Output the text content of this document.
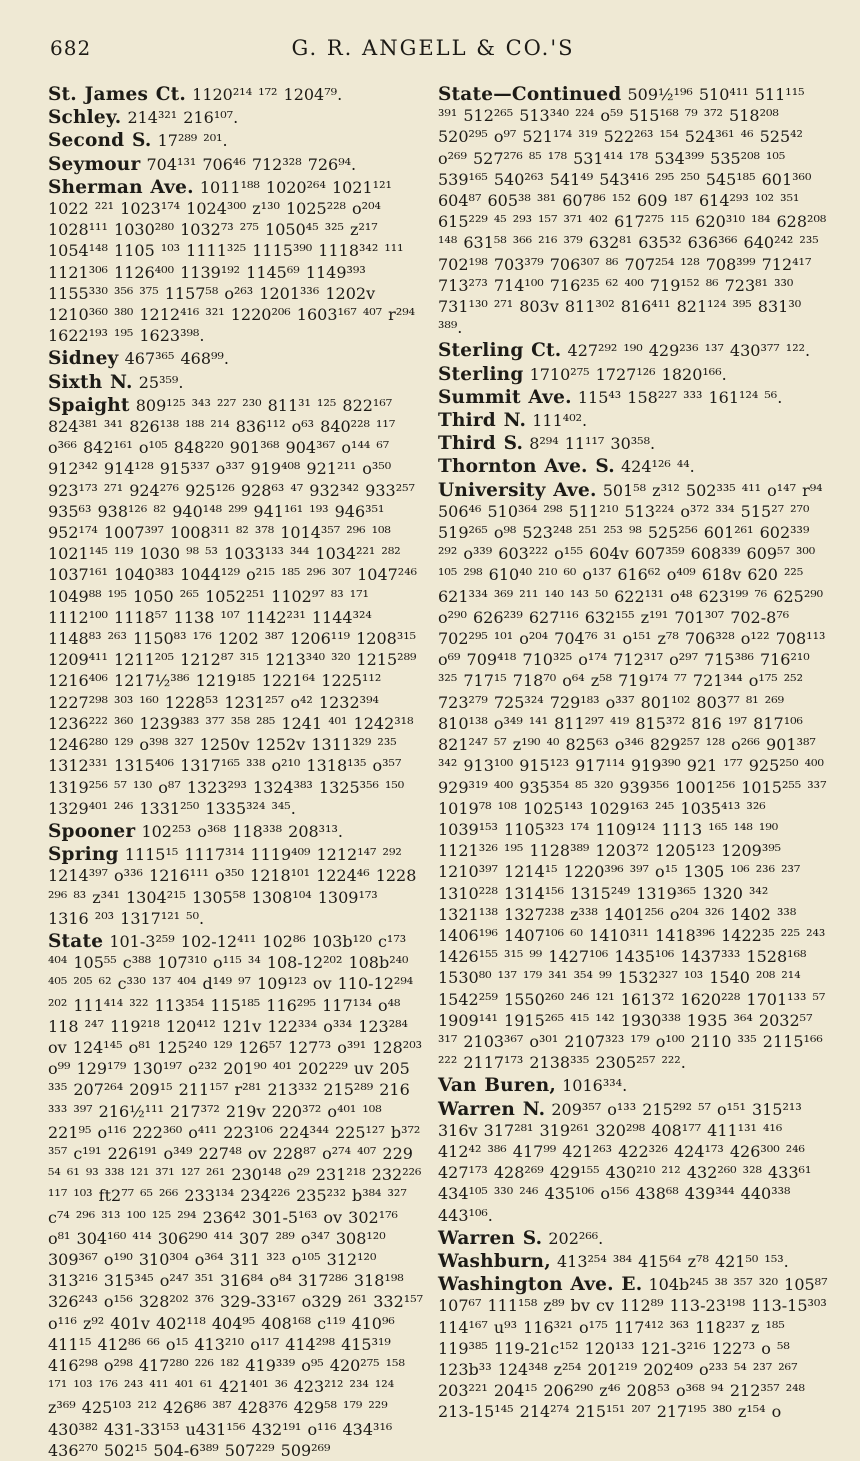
682	G. R. ANGELL & CO.'S
St. James Ct. 1120²¹⁴ ¹⁷² 1204⁷⁹.
Schley. 214³²¹ 216¹⁰⁷.
Second S. 17²⁸⁹ ²⁰¹.
Seymour 704¹³¹ 706⁴⁶ 712³²⁸ 726⁹⁴.
Sherman Ave. 1011¹⁸⁸ 1020²⁶⁴ 1021¹²¹ 1022 ²²¹ 1023¹⁷⁴ 1024³⁰⁰ z¹³⁰ 1025²²⁸ o²⁰⁴ 1028¹¹¹ 1030²⁸⁰ 1032⁷³ ²⁷⁵ 1050⁴⁵ ³²⁵ z²¹⁷ 1054¹⁴⁸ 1105 ¹⁰³ 1111³²⁵ 1115³⁹⁰ 1118³⁴² ¹¹¹ 1121³⁰⁶ 1126⁴⁰⁰ 1139¹⁹² 1145⁶⁹ 1149³⁹³ 1155³³⁰ ³⁵⁶ ³⁷⁵ 1157⁵⁸ o²⁶³ 1201³³⁶ 1202v 1210³⁶⁰ ³⁸⁰ 1212⁴¹⁶ ³²¹ 1220²⁰⁶ 1603¹⁶⁷ ⁴⁰⁷ r²⁹⁴ 1622¹⁹³ ¹⁹⁵ 1623³⁹⁸.
Sidney 467³⁶⁵ 468⁹⁹.
Sixth N. 25³⁵⁹.
Spaight 809¹²⁵ ³⁴³ ²²⁷ ²³⁰ 811³¹ ¹²⁵ 822¹⁶⁷ 824³⁸¹ ³⁴¹ 826¹³⁸ ¹⁸⁸ ²¹⁴ 836¹¹² o⁶³ 840²²⁸ ¹¹⁷ o³⁶⁶ 842¹⁶¹ o¹⁰⁵ 848²²⁰ 901³⁶⁸ 904³⁶⁷ o¹⁴⁴ ⁶⁷ 912³⁴² 914¹²⁸ 915³³⁷ o³³⁷ 919⁴⁰⁸ 921²¹¹ o³⁵⁰ 923¹⁷³ ²⁷¹ 924²⁷⁶ 925¹²⁶ 928⁶³ ⁴⁷ 932³⁴² 933²⁵⁷ 935⁶³ 938¹²⁶ ⁸² 940¹⁴⁸ ²⁹⁹ 941¹⁶¹ ¹⁹³ 946³⁵¹ 952¹⁷⁴ 1007³⁹⁷ 1008³¹¹ ⁸² ³⁷⁸ 1014³⁵⁷ ²⁹⁶ ¹⁰⁸ 1021¹⁴⁵ ¹¹⁹ 1030 ⁹⁸ ⁵³ 1033¹³³ ³⁴⁴ 1034²²¹ ²⁸² 1037¹⁶¹ 1040³⁸³ 1044¹²⁹ o²¹⁵ ¹⁸⁵ ²⁹⁶ ³⁰⁷ 1047²⁴⁶ 1049⁸⁸ ¹⁹⁵ 1050 ²⁶⁵ 1052²⁵¹ 1102⁹⁷ ⁸³ ¹⁷¹ 1112¹⁰⁰ 1118⁵⁷ 1138 ¹⁰⁷ 1142²³¹ 1144³²⁴ 1148⁸³ ²⁶³ 1150⁸³ ¹⁷⁶ 1202 ³⁸⁷ 1206¹¹⁹ 1208³¹⁵ 1209⁴¹¹ 1211²⁰⁵ 1212⁸⁷ ³¹⁵ 1213³⁴⁰ ³²⁰ 1215²⁸⁹ 1216⁴⁰⁶ 1217½³⁸⁶ 1219¹⁸⁵ 1221⁶⁴ 1225¹¹² 1227²⁹⁸ ³⁰³ ¹⁶⁰ 1228⁵³ 1231²⁵⁷ o⁴² 1232³⁹⁴ 1236²²² ³⁶⁰ 1239³⁸³ ³⁷⁷ ³⁵⁸ ²⁸⁵ 1241 ⁴⁰¹ 1242³¹⁸ 1246²⁸⁰ ¹²⁹ o³⁹⁸ ³²⁷ 1250v 1252v 1311³²⁹ ²³⁵ 1312³³¹ 1315⁴⁰⁶ 1317¹⁶⁵ ³³⁸ o²¹⁰ 1318¹³⁵ o³⁵⁷ 1319²⁵⁶ ⁵⁷ ¹³⁰ o⁸⁷ 1323²⁹³ 1324³⁸³ 1325³⁵⁶ ¹⁵⁰ 1329⁴⁰¹ ²⁴⁶ 1331²⁵⁰ 1335³²⁴ ³⁴⁵.
Spooner 102²⁵³ o³⁶⁸ 118³³⁸ 208³¹³.
Spring 1115¹⁵ 1117³¹⁴ 1119⁴⁰⁹ 1212¹⁴⁷ ²⁹² 1214³⁹⁷ o³³⁶ 1216¹¹¹ o³⁵⁰ 1218¹⁰¹ 1224⁴⁶ 1228 ²⁹⁶ ⁸³ z³⁴¹ 1304²¹⁵ 1305⁵⁸ 1308¹⁰⁴ 1309¹⁷³ 1316 ²⁰³ 1317¹²¹ ⁵⁰.
State 101-3²⁵⁹ 102-12⁴¹¹ 102⁸⁶ 103b¹²⁰ c¹⁷³ ⁴⁰⁴ 105⁵⁵ c³⁸⁸ 107³¹⁰ o¹¹⁵ ³⁴ 108-12²⁰² 108b²⁴⁰ ⁴⁰⁵ ²⁰⁵ ⁶² c³³⁰ ¹³⁷ ⁴⁰⁴ d¹⁴⁹ ⁹⁷ 109¹²³ ov 110-12²⁹⁴ ²⁰² 111⁴¹⁴ ³²² 113³⁵⁴ 115¹⁸⁵ 116²⁹⁵ 117¹³⁴ o⁴⁸ 118 ²⁴⁷ 119²¹⁸ 120⁴¹² 121v 122³³⁴ o³³⁴ 123²⁸⁴ ov 124¹⁴⁵ o⁸¹ 125²⁴⁰ ¹²⁹ 126⁵⁷ 127⁷³ o³⁹¹ 128²⁰³ o⁹⁹ 129¹⁷⁹ 130¹⁹⁷ o²³² 201⁹⁰ ⁴⁰¹ 202²²⁹ uv 205 ³³⁵ 207²⁶⁴ 209¹⁵ 211¹⁵⁷ r²⁸¹ 213³³² 215²⁸⁹ 216 ³³³ ³⁹⁷ 216½¹¹¹ 217³⁷² 219v 220³⁷² o⁴⁰¹ ¹⁰⁸ 221⁹⁵ o¹¹⁶ 222³⁶⁰ o⁴¹¹ 223¹⁰⁶ 224³⁴⁴ 225¹²⁷ b³⁷² ³⁵⁷ c¹⁹¹ 226¹⁹¹ o³⁴⁹ 227⁴⁸ ov 228⁸⁷ o²⁷⁴ ⁴⁰⁷ 229 ⁵⁴ ⁶¹ ⁹³ ³³⁸ ¹²¹ ³⁷¹ ¹²⁷ ²⁶¹ 230¹⁴⁸ o²⁹ 231²¹⁸ 232²²⁶ ¹¹⁷ ¹⁰³ ft2⁷⁷ ⁶⁵ ²⁶⁶ 233¹³⁴ 234²²⁶ 235²³² b³⁸⁴ ³²⁷ c⁷⁴ ²⁹⁶ ³¹³ ¹⁰⁰ ¹²⁵ ²⁹⁴ 236⁴² 301-5¹⁶³ ov 302¹⁷⁶ o⁸¹ 304¹⁶⁰ ⁴¹⁴ 306²⁹⁰ ⁴¹⁴ 307 ²⁸⁹ o³⁴⁷ 308¹²⁰ 309³⁶⁷ o¹⁹⁰ 310³⁰⁴ o³⁶⁴ 311 ³²³ o¹⁰⁵ 312¹²⁰ 313²¹⁶ 315³⁴⁵ o²⁴⁷ ³⁵¹ 316⁸⁴ o⁸⁴ 317²⁸⁶ 318¹⁹⁸ 326²⁴³ o¹⁵⁶ 328²⁰² ³⁷⁶ 329-33¹⁶⁷ o329 ²⁶¹ 332¹⁵⁷ o¹¹⁶ z⁹² 401v 402¹¹⁸ 404⁹⁵ 408¹⁶⁸ c¹¹⁹ 410⁹⁶ 411¹⁵ 412⁸⁶ ⁶⁶ o¹⁵ 413²¹⁰ o¹¹⁷ 414²⁹⁸ 415³¹⁹ 416²⁹⁸ o²⁹⁸ 417²⁸⁰ ²²⁶ ¹⁸² 419³³⁹ o⁹⁵ 420²⁷⁵ ¹⁵⁸ ¹⁷¹ ¹⁰³ ¹⁷⁶ ²⁴³ ⁴¹¹ ⁴⁰¹ ⁶¹ 421⁴⁰¹ ³⁶ 423²¹² ²³⁴ ¹²⁴ z³⁶⁹ 425¹⁰³ ²¹² 426⁸⁶ ³⁸⁷ 428³⁷⁶ 429⁵⁸ ¹⁷⁹ ²²⁹ 430³⁸² 431-33¹⁵³ u431¹⁵⁶ 432¹⁹¹ o¹¹⁶ 434³¹⁶ 436²⁷⁰ 502¹⁵ 504-6³⁸⁹ 507²²⁹ 509²⁶⁹
State—Continued 509½¹⁹⁶ 510⁴¹¹ 511¹¹⁵ ³⁹¹ 512²⁶⁵ 513³⁴⁰ ²²⁴ o⁵⁹ 515¹⁶⁸ ⁷⁹ ³⁷² 518²⁰⁸ 520²⁹⁵ o⁹⁷ 521¹⁷⁴ ³¹⁹ 522²⁶³ ¹⁵⁴ 524³⁶¹ ⁴⁶ 525⁴² o²⁶⁹ 527²⁷⁶ ⁸⁵ ¹⁷⁸ 531⁴¹⁴ ¹⁷⁸ 534³⁹⁹ 535²⁰⁸ ¹⁰⁵ 539¹⁶⁵ 540²⁶³ 541⁴⁹ 543⁴¹⁶ ²⁹⁵ ²⁵⁰ 545¹⁸⁵ 601³⁶⁰ 604⁸⁷ 605³⁸ ³⁸¹ 607⁸⁶ ¹⁵² 609 ¹⁸⁷ 614²⁹³ ¹⁰² ³⁵¹ 615²²⁹ ⁴⁵ ²⁹³ ¹⁵⁷ ³⁷¹ ⁴⁰² 617²⁷⁵ ¹¹⁵ 620³¹⁰ ¹⁸⁴ 628²⁰⁸ ¹⁴⁸ 631⁵⁸ ³⁶⁶ ²¹⁶ ³⁷⁹ 632⁸¹ 635³² 636³⁶⁶ 640²⁴² ²³⁵ 702¹⁹⁸ 703³⁷⁹ 706³⁰⁷ ⁸⁶ 707²⁵⁴ ¹²⁸ 708³⁹⁹ 712⁴¹⁷ 713²⁷³ 714¹⁰⁰ 716²³⁵ ⁶² ⁴⁰⁰ 719¹⁵² ⁸⁶ 723⁸¹ ³³⁰ 731¹³⁰ ²⁷¹ 803v 811³⁰² 816⁴¹¹ 821¹²⁴ ³⁹⁵ 831³⁰ ³⁸⁹.
Sterling Ct. 427²⁹² ¹⁹⁰ 429²³⁶ ¹³⁷ 430³⁷⁷ ¹²².
Sterling 1710²⁷⁵ 1727¹²⁶ 1820¹⁶⁶.
Summit Ave. 115⁴³ 158²²⁷ ³³³ 161¹²⁴ ⁵⁶.
Third N. 111⁴⁰².
Third S. 8²⁹⁴ 11¹¹⁷ 30³⁵⁸.
Thornton Ave. S. 424¹²⁶ ⁴⁴.
University Ave. 501⁵⁸ z³¹² 502³³⁵ ⁴¹¹ o¹⁴⁷ r⁹⁴ 506⁴⁶ 510³⁶⁴ ²⁹⁸ 511²¹⁰ 513²²⁴ o³⁷² ³³⁴ 515²⁷ ²⁷⁰ 519²⁶⁵ o⁹⁸ 523²⁴⁸ ²⁵¹ ²⁵³ ⁹⁸ 525²⁵⁶ 601²⁶¹ 602³³⁹ ²⁹² o³³⁹ 603²²² o¹⁵⁵ 604v 607³⁵⁹ 608³³⁹ 609⁵⁷ ³⁰⁰ ¹⁰⁵ ²⁹⁸ 610⁴⁰ ²¹⁰ ⁶⁰ o¹³⁷ 616⁶² o⁴⁰⁹ 618v 620 ²²⁵ 621³³⁴ ³⁶⁹ ²¹¹ ¹⁴⁰ ¹⁴³ ⁵⁰ 622¹³¹ o⁴⁸ 623¹⁹⁹ ⁷⁶ 625²⁹⁰ o²⁹⁰ 626²³⁹ 627¹¹⁶ 632¹⁵⁵ z¹⁹¹ 701³⁰⁷ 702-8⁷⁶ 702²⁹⁵ ¹⁰¹ o²⁰⁴ 704⁷⁶ ³¹ o¹⁵¹ z⁷⁸ 706³²⁸ o¹²² 708¹¹³ o⁶⁹ 709⁴¹⁸ 710³²⁵ o¹⁷⁴ 712³¹⁷ o²⁹⁷ 715³⁸⁶ 716²¹⁰ ³²⁵ 717¹⁵ 718⁷⁰ o⁶⁴ z⁵⁸ 719¹⁷⁴ ⁷⁷ 721³⁴⁴ o¹⁷⁵ ²⁵² 723²⁷⁹ 725³²⁴ 729¹⁸³ o³³⁷ 801¹⁰² 803⁷⁷ ⁸¹ ²⁶⁹ 810¹³⁸ o³⁴⁹ ¹⁴¹ 811²⁹⁷ ⁴¹⁹ 815³⁷² 816 ¹⁹⁷ 817¹⁰⁶ 821²⁴⁷ ⁵⁷ z¹⁹⁰ ⁴⁰ 825⁶³ o³⁴⁶ 829²⁵⁷ ¹²⁸ o²⁶⁶ 901³⁸⁷ ³⁴² 913¹⁰⁰ 915¹²³ 917¹¹⁴ 919³⁹⁰ 921 ¹⁷⁷ 925²⁵⁰ ⁴⁰⁰ 929³¹⁹ ⁴⁰⁰ 935³⁵⁴ ⁸⁵ ³²⁰ 939³⁵⁶ 1001²⁵⁶ 1015²⁵⁵ ³³⁷ 1019⁷⁸ ¹⁰⁸ 1025¹⁴³ 1029¹⁶³ ²⁴⁵ 1035⁴¹³ ³²⁶ 1039¹⁵³ 1105³²³ ¹⁷⁴ 1109¹²⁴ 1113 ¹⁶⁵ ¹⁴⁸ ¹⁹⁰ 1121³²⁶ ¹⁹⁵ 1128³⁸⁹ 1203⁷² 1205¹²³ 1209³⁹⁵ 1210³⁹⁷ 1214¹⁵ 1220³⁹⁶ ³⁹⁷ o¹⁵ 1305 ¹⁰⁶ ²³⁶ ²³⁷ 1310²²⁸ 1314¹⁵⁶ 1315²⁴⁹ 1319³⁶⁵ 1320 ³⁴² 1321¹³⁸ 1327²³⁸ z³³⁸ 1401²⁵⁶ o²⁰⁴ ³²⁶ 1402 ³³⁸ 1406¹⁹⁶ 1407¹⁰⁶ ⁶⁰ 1410³¹¹ 1418³⁹⁶ 1422³⁵ ²²⁵ ²⁴³ 1426¹⁵⁵ ³¹⁵ ⁹⁹ 1427¹⁰⁶ 1435¹⁰⁶ 1437³³³ 1528¹⁶⁸ 1530⁸⁰ ¹³⁷ ¹⁷⁹ ³⁴¹ ³⁵⁴ ⁹⁹ 1532³²⁷ ¹⁰³ 1540 ²⁰⁸ ²¹⁴ 1542²⁵⁹ 1550²⁶⁰ ²⁴⁶ ¹²¹ 1613⁷² 1620²²⁸ 1701¹³³ ⁵⁷ 1909¹⁴¹ 1915²⁶⁵ ⁴¹⁵ ¹⁴² 1930³³⁸ 1935 ³⁶⁴ 2032⁵⁷ ³¹⁷ 2103³⁶⁷ o³⁰¹ 2107³²³ ¹⁷⁹ o¹⁰⁰ 2110 ³³⁵ 2115¹⁶⁶ ²²² 2117¹⁷³ 2138³³⁵ 2305²⁵⁷ ²²².
Van Buren, 1016³³⁴.
Warren N. 209³⁵⁷ o¹³³ 215²⁹² ⁵⁷ o¹⁵¹ 315²¹³ 316v 317²⁸¹ 319²⁶¹ 320²⁹⁸ 408¹⁷⁷ 411¹³¹ ⁴¹⁶ 412⁴² ³⁸⁶ 417⁹⁹ 421²⁶³ 422³²⁶ 424¹⁷³ 426³⁰⁰ ²⁴⁶ 427¹⁷³ 428²⁶⁹ 429¹⁵⁵ 430²¹⁰ ²¹² 432²⁶⁰ ³²⁸ 433⁶¹ 434¹⁰⁵ ³³⁰ ²⁴⁶ 435¹⁰⁶ o¹⁵⁶ 438⁶⁸ 439³⁴⁴ 440³³⁸ 443¹⁰⁶.
Warren S. 202²⁶⁶.
Washburn, 413²⁵⁴ ³⁸⁴ 415⁶⁴ z⁷⁸ 421⁵⁰ ¹⁵³.
Washington Ave. E. 104b²⁴⁵ ³⁸ ³⁵⁷ ³²⁰ 105⁸⁷ 107⁶⁷ 111¹⁵⁸ z⁸⁹ bv cv 112⁸⁹ 113-23¹⁹⁸ 113-15³⁰³ 114¹⁶⁷ u⁹³ 116³²¹ o¹⁷⁵ 117⁴¹² ³⁶³ 118²³⁷ z ¹⁸⁵ 119³⁸⁵ 119-21c¹⁵² 120¹³³ 121-3²¹⁶ 122⁷³ o ⁵⁸ 123b³³ 124³⁴⁸ z²⁵⁴ 201²¹⁹ 202⁴⁰⁹ o²³³ ⁵⁴ ²³⁷ ²⁶⁷ 203²²¹ 204¹⁵ 206²⁹⁰ z⁴⁶ 208⁵³ o³⁶⁸ ⁹⁴ 212³⁵⁷ ²⁴⁸ 213-15¹⁴⁵ 214²⁷⁴ 215¹⁵¹ ²⁰⁷ 217¹⁹⁵ ³⁸⁰ z¹⁵⁴ o
